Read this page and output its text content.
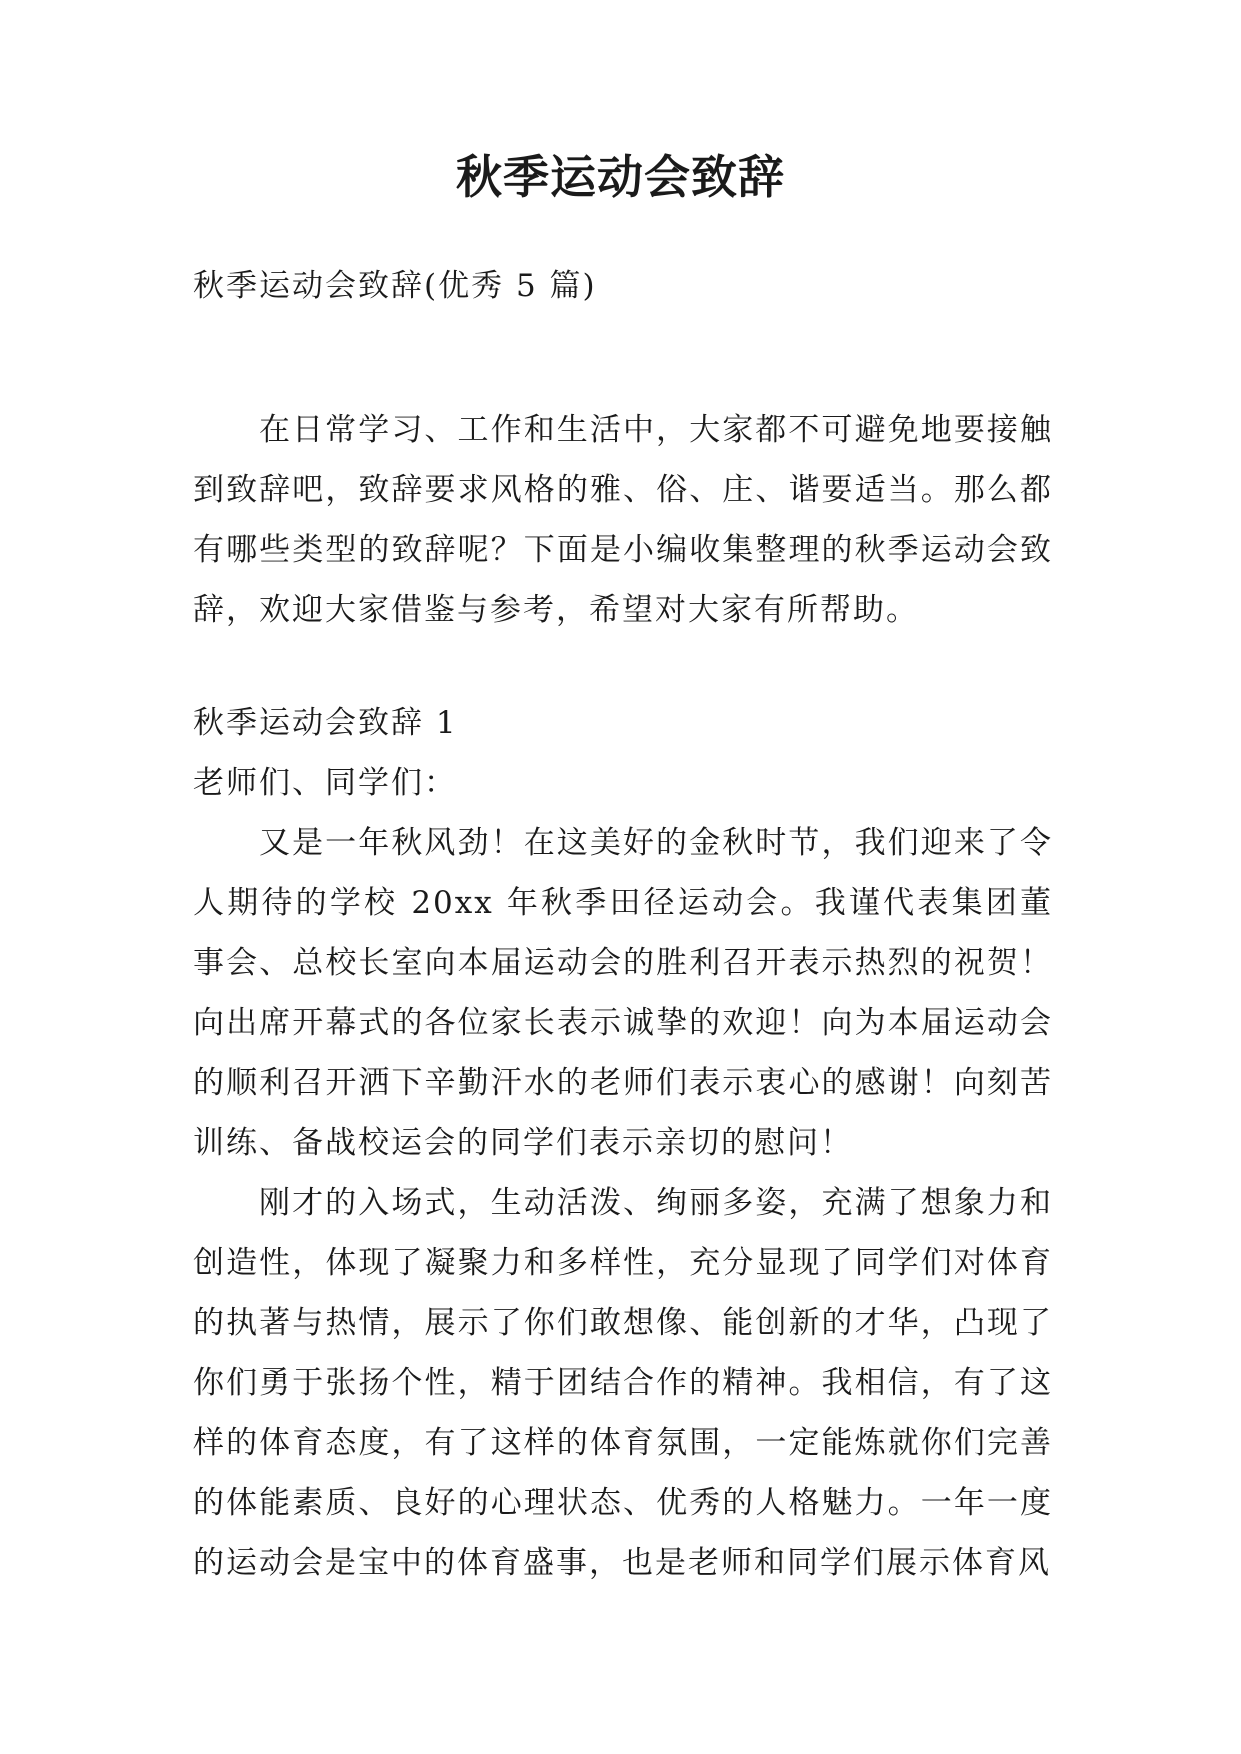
秋季运动会致辞

秋季运动会致辞(优秀 5 篇)

在日常学习、工作和生活中，大家都不可避免地要接触到致辞吧，致辞要求风格的雅、俗、庄、谐要适当。那么都有哪些类型的致辞呢？下面是小编收集整理的秋季运动会致辞，欢迎大家借鉴与参考，希望对大家有所帮助。

秋季运动会致辞 1

老师们、同学们：

又是一年秋风劲！在这美好的金秋时节，我们迎来了令人期待的学校 20xx 年秋季田径运动会。我谨代表集团董事会、总校长室向本届运动会的胜利召开表示热烈的祝贺！向出席开幕式的各位家长表示诚挚的欢迎！向为本届运动会的顺利召开洒下辛勤汗水的老师们表示衷心的感谢！向刻苦训练、备战校运会的同学们表示亲切的慰问！

刚才的入场式，生动活泼、绚丽多姿，充满了想象力和创造性，体现了凝聚力和多样性，充分显现了同学们对体育的执著与热情，展示了你们敢想像、能创新的才华，凸现了你们勇于张扬个性，精于团结合作的精神。我相信，有了这样的体育态度，有了这样的体育氛围，一定能炼就你们完善的体能素质、良好的心理状态、优秀的人格魅力。一年一度的运动会是宝中的体育盛事，也是老师和同学们展示体育风
